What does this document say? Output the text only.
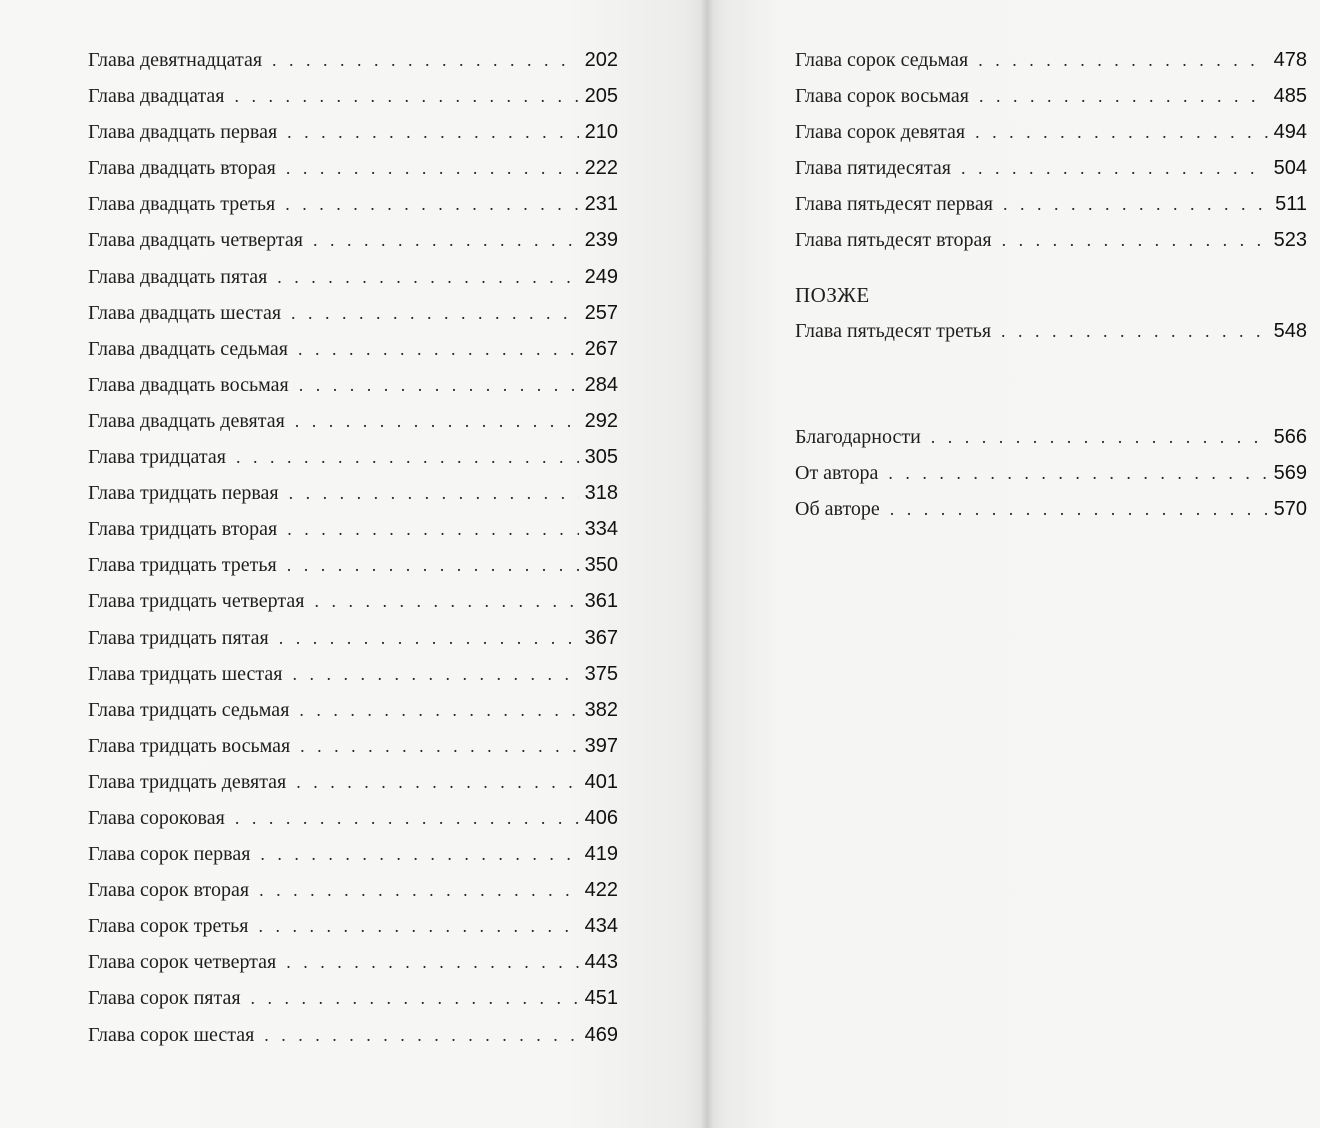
Глава девятнадцатая . . .	202
Глава двадцатая . . .	205
Глава двадцать первая . . .	210
Глава двадцать вторая . . .	222
Глава двадцать третья . . .	231
Глава двадцать четвертая . . .	239
Глава двадцать пятая . . .	249
Глава двадцать шестая . . .	257
Глава двадцать седьмая . . .	267
Глава двадцать восьмая . . .	284
Глава двадцать девятая . . .	292
Глава тридцатая . . .	305
Глава тридцать первая . . .	318
Глава тридцать вторая . . .	334
Глава тридцать третья . . .	350
Глава тридцать четвертая . . .	361
Глава тридцать пятая . . .	367
Глава тридцать шестая . . .	375
Глава тридцать седьмая . . .	382
Глава тридцать восьмая . . .	397
Глава тридцать девятая . . .	401
Глава сороковая . . .	406
Глава сорок первая . . .	419
Глава сорок вторая . . .	422
Глава сорок третья . . .	434
Глава сорок четвертая . . .	443
Глава сорок пятая . . .	451
Глава сорок шестая . . .	469
Глава сорок седьмая . . .	478
Глава сорок восьмая . . .	485
Глава сорок девятая . . .	494
Глава пятидесятая . . .	504
Глава пятьдесят первая . . .	511
Глава пятьдесят вторая . . .	523
ПОЗЖЕ
Глава пятьдесят третья . . .	548
Благодарности . . .	566
От автора . . .	569
Об авторе . . .	570
